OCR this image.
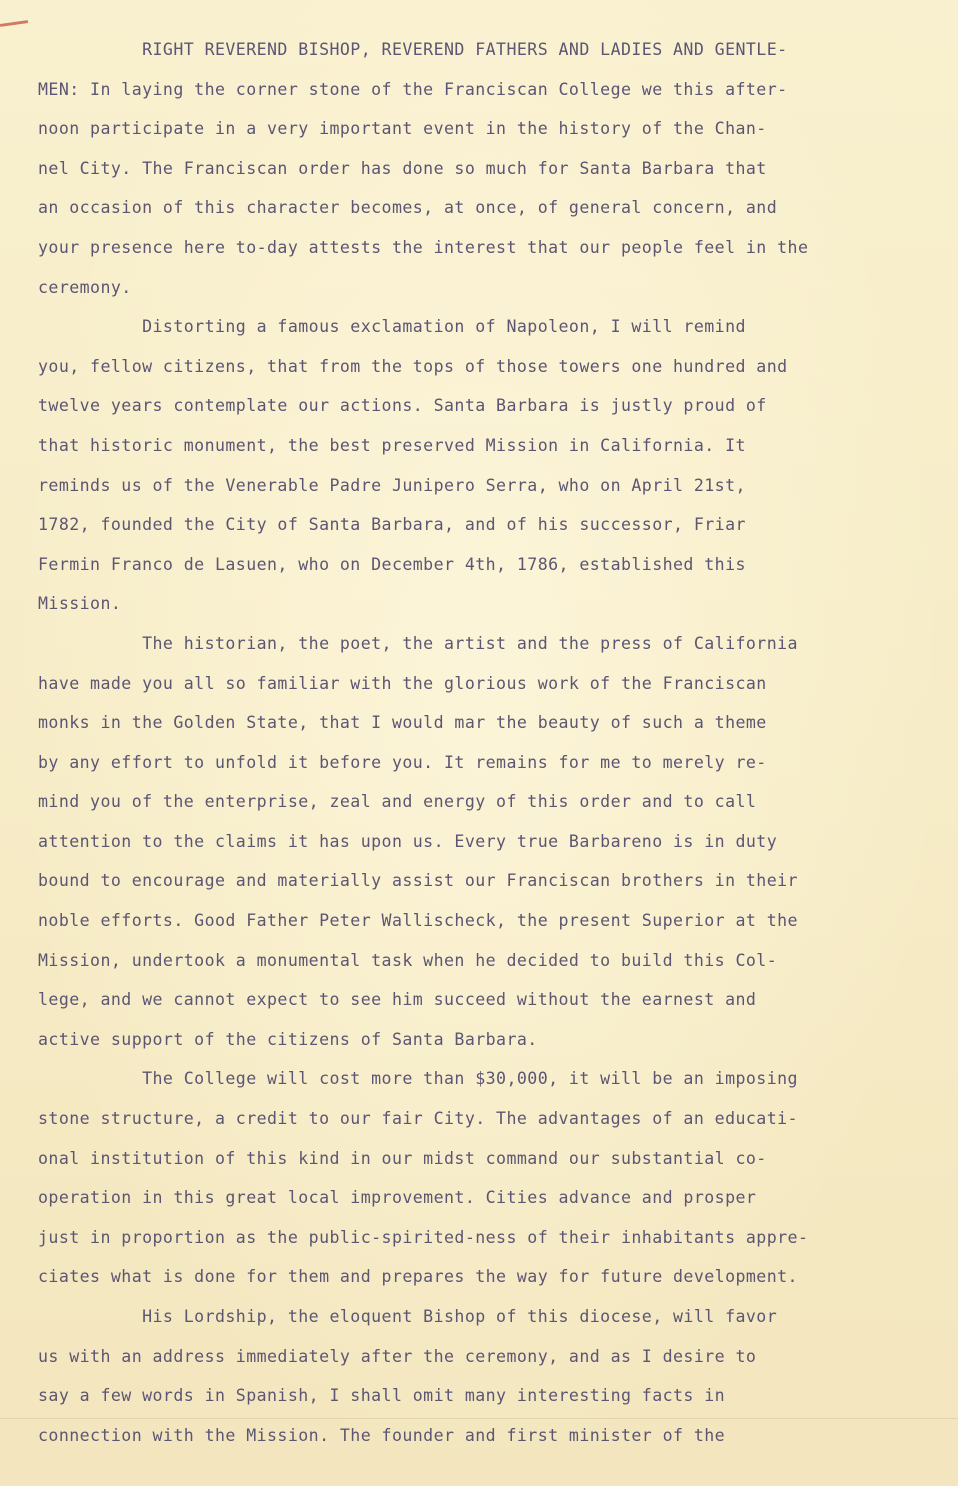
RIGHT REVEREND BISHOP, REVEREND FATHERS AND LADIES AND GENTLE-
MEN: In laying the corner stone of the Franciscan College we this after-
noon participate in a very important event in the history of the Chan-
nel City. The Franciscan order has done so much for Santa Barbara that
an occasion of this character becomes, at once, of general concern, and
your presence here to-day attests the interest that our people feel in the
ceremony.
Distorting a famous exclamation of Napoleon, I will remind
you, fellow citizens, that from the tops of those towers one hundred and
twelve years contemplate our actions. Santa Barbara is justly proud of
that historic monument, the best preserved Mission in California. It
reminds us of the Venerable Padre Junipero Serra, who on April 21st,
1782, founded the City of Santa Barbara, and of his successor, Friar
Fermin Franco de Lasuen, who on December 4th, 1786, established this
Mission.
The historian, the poet, the artist and the press of California
have made you all so familiar with the glorious work of the Franciscan
monks in the Golden State, that I would mar the beauty of such a theme
by any effort to unfold it before you. It remains for me to merely re-
mind you of the enterprise, zeal and energy of this order and to call
attention to the claims it has upon us. Every true Barbareno is in duty
bound to encourage and materially assist our Franciscan brothers in their
noble efforts. Good Father Peter Wallischeck, the present Superior at the
Mission, undertook a monumental task when he decided to build this Col-
lege, and we cannot expect to see him succeed without the earnest and
active support of the citizens of Santa Barbara.
The College will cost more than $30,000, it will be an imposing
stone structure, a credit to our fair City. The advantages of an educati-
onal institution of this kind in our midst command our substantial co-
operation in this great local improvement. Cities advance and prosper
just in proportion as the public-spirited-ness of their inhabitants appre-
ciates what is done for them and prepares the way for future development.
His Lordship, the eloquent Bishop of this diocese, will favor
us with an address immediately after the ceremony, and as I desire to
say a few words in Spanish, I shall omit many interesting facts in
connection with the Mission. The founder and first minister of the
